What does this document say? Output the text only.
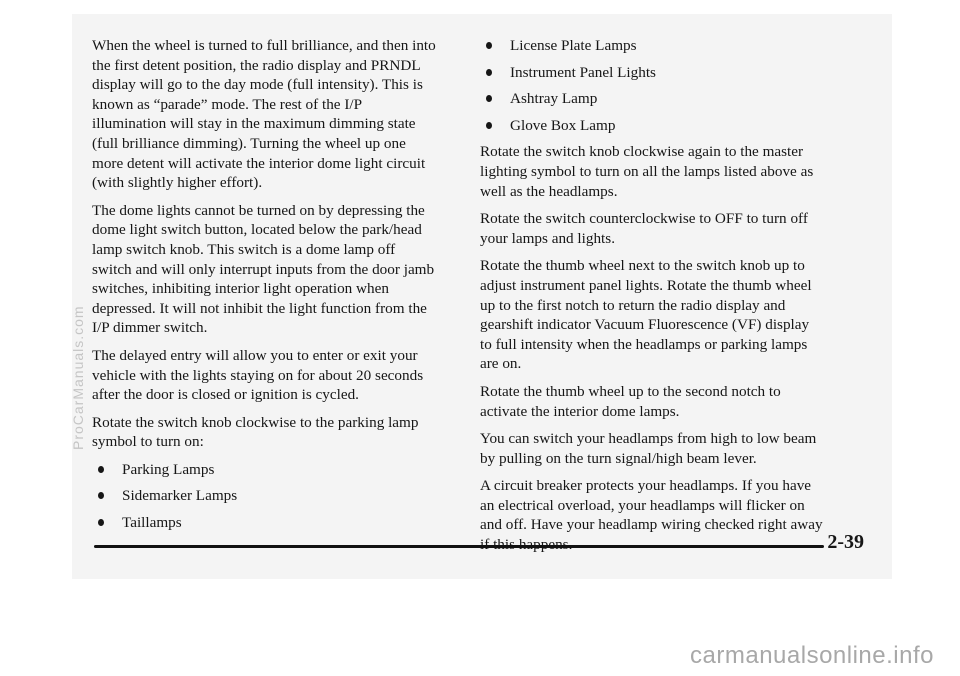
When the wheel is turned to full brilliance, and then into
the first detent position, the radio display and PRNDL
display will go to the day mode (full intensity). This is
known as “parade” mode. The rest of the I/P
illumination will stay in the maximum dimming state
(full brilliance dimming). Turning the wheel up one
more detent will activate the interior dome light circuit
(with slightly higher effort).

The dome lights cannot be turned on by depressing the
dome light switch button, located below the park/head
lamp switch knob. This switch is a dome lamp off
switch and will only interrupt inputs from the door jamb
switches, inhibiting interior light operation when
depressed. It will not inhibit the light function from the
I/P dimmer switch.

The delayed entry will allow you to enter or exit your
vehicle with the lights staying on for about 20 seconds
after the door is closed or ignition is cycled.

Rotate the switch knob clockwise to the parking lamp
symbol to turn on:

Parking Lamps
Sidemarker Lamps
Taillamps
License Plate Lamps
Instrument Panel Lights
Ashtray Lamp
Glove Box Lamp

Rotate the switch knob clockwise again to the master
lighting symbol to turn on all the lamps listed above as
well as the headlamps.

Rotate the switch counterclockwise to OFF to turn off
your lamps and lights.

Rotate the thumb wheel next to the switch knob up to
adjust instrument panel lights. Rotate the thumb wheel
up to the first notch to return the radio display and
gearshift indicator Vacuum Fluorescence (VF) display
to full intensity when the headlamps or parking lamps
are on.

Rotate the thumb wheel up to the second notch to
activate the interior dome lamps.

You can switch your headlamps from high to low beam
by pulling on the turn signal/high beam lever.

A circuit breaker protects your headlamps. If you have
an electrical overload, your headlamps will flicker on
and off. Have your headlamp wiring checked right away

2-39
ProCarManuals.com
carmanualsonline.info
